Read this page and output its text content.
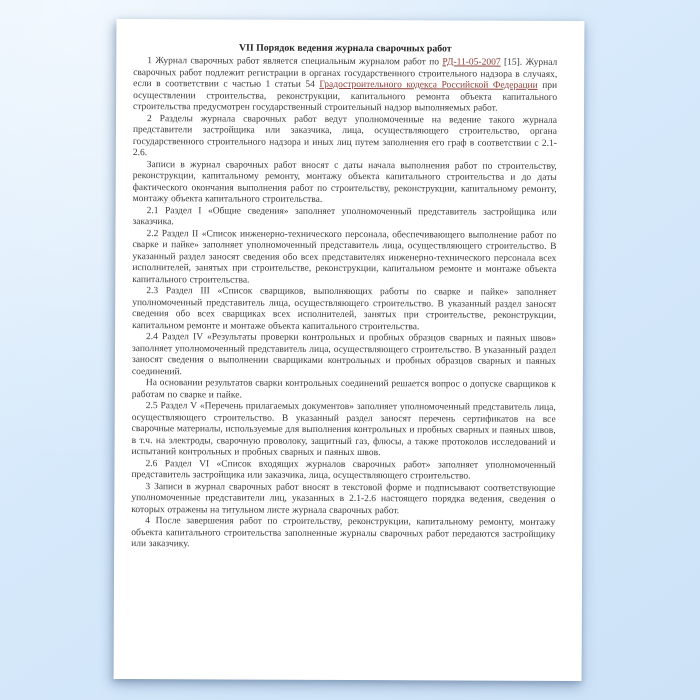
VII Порядок ведения журнала сварочных работ

1 Журнал сварочных работ является специальным журналом работ по РД-11-05-2007 [15]. Журнал сварочных работ подлежит регистрации в органах государственного строительного надзора в случаях, если в соответствии с частью 1 статьи 54 Градостроительного кодекса Российской Федерации при осуществлении строительства, реконструкции, капитального ремонта объекта капитального строительства предусмотрен государственный строительный надзор выполняемых работ.

2 Разделы журнала сварочных работ ведут уполномоченные на ведение такого журнала представители застройщика или заказчика, лица, осуществляющего строительство, органа государственного строительного надзора и иных лиц путем заполнения его граф в соответствии с 2.1-2.6.

Записи в журнал сварочных работ вносят с даты начала выполнения работ по строительству, реконструкции, капитальному ремонту, монтажу объекта капитального строительства и до даты фактического окончания выполнения работ по строительству, реконструкции, капитальному ремонту, монтажу объекта капитального строительства.

2.1 Раздел I «Общие сведения» заполняет уполномоченный представитель застройщика или заказчика.

2.2 Раздел II «Список инженерно-технического персонала, обеспечивающего выполнение работ по сварке и пайке» заполняет уполномоченный представитель лица, осуществляющего строительство. В указанный раздел заносят сведения обо всех представителях инженерно-технического персонала всех исполнителей, занятых при строительстве, реконструкции, капитальном ремонте и монтаже объекта капитального строительства.

2.3 Раздел III «Список сварщиков, выполняющих работы по сварке и пайке» заполняет уполномоченный представитель лица, осуществляющего строительство. В указанный раздел заносят сведения обо всех сварщиках всех исполнителей, занятых при строительстве, реконструкции, капитальном ремонте и монтаже объекта капитального строительства.

2.4 Раздел IV «Результаты проверки контрольных и пробных образцов сварных и паяных швов» заполняет уполномоченный представитель лица, осуществляющего строительство. В указанный раздел заносят сведения о выполнении сварщиками контрольных и пробных образцов сварных и паяных соединений.

На основании результатов сварки контрольных соединений решается вопрос о допуске сварщиков к работам по сварке и пайке.

2.5 Раздел V «Перечень прилагаемых документов» заполняет уполномоченный представитель лица, осуществляющего строительство. В указанный раздел заносят перечень сертификатов на все сварочные материалы, используемые для выполнения контрольных и пробных сварных и паяных швов, в т.ч. на электроды, сварочную проволоку, защитный газ, флюсы, а также протоколов исследований и испытаний контрольных и пробных сварных и паяных швов.

2.6 Раздел VI «Список входящих журналов сварочных работ» заполняет уполномоченный представитель застройщика или заказчика, лица, осуществляющего строительство.

3 Записи в журнал сварочных работ вносят в текстовой форме и подписывают соответствующие уполномоченные представители лиц, указанных в 2.1-2.6 настоящего порядка ведения, сведения о которых отражены на титульном листе журнала сварочных работ.

4 После завершения работ по строительству, реконструкции, капитальному ремонту, монтажу объекта капитального строительства заполненные журналы сварочных работ передаются застройщику или заказчику.
